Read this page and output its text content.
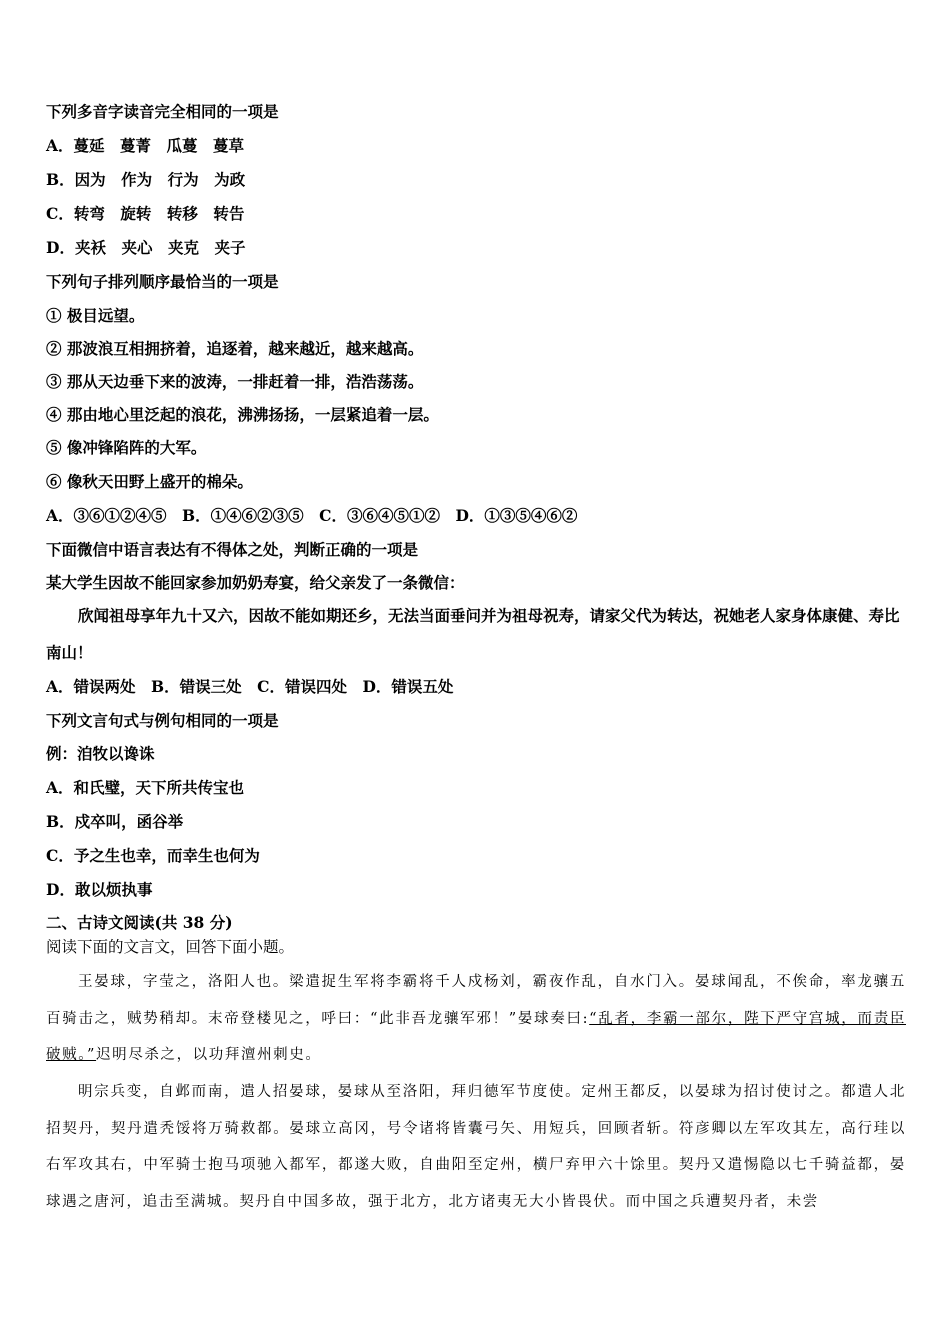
下列多音字读音完全相同的一项是
A．蔓延　蔓菁　瓜蔓　蔓草
B．因为　作为　行为　为政
C．转弯　旋转　转移　转告
D．夹袄　夹心　夹克　夹子
下列句子排列顺序最恰当的一项是
① 极目远望。
② 那波浪互相拥挤着，追逐着，越来越近，越来越高。
③ 那从天边垂下来的波涛，一排赶着一排，浩浩荡荡。
④ 那由地心里泛起的浪花，沸沸扬扬，一层紧追着一层。
⑤ 像冲锋陷阵的大军。
⑥ 像秋天田野上盛开的棉朵。
A．③⑥①②④⑤　B．①④⑥②③⑤　C．③⑥④⑤①②　D．①③⑤④⑥②
下面微信中语言表达有不得体之处，判断正确的一项是
某大学生因故不能回家参加奶奶寿宴，给父亲发了一条微信：

欣闻祖母享年九十又六，因故不能如期还乡，无法当面垂问并为祖母祝寿，请家父代为转达，祝她老人家身体康健、寿比南山！

A．错误两处　B．错误三处　C．错误四处　D．错误五处
下列文言句式与例句相同的一项是
例：洎牧以谗诛
A．和氏璧，天下所共传宝也
B．戍卒叫，函谷举
C．予之生也幸，而幸生也何为
D．敢以烦执事
二、古诗文阅读(共 38 分)
阅读下面的文言文，回答下面小题。

王晏球，字莹之，洛阳人也。梁遣捉生军将李霸将千人戍杨刘，霸夜作乱，自水门入。晏球闻乱，不俟命，率龙骧五百骑击之，贼势稍却。末帝登楼见之，呼曰：“此非吾龙骧军邪！”晏球奏曰:“乱者，李霸一部尔，陛下严守宫城，而责臣破贼。”迟明尽杀之，以功拜澶州刺史。

明宗兵变，自邺而南，遣人招晏球，晏球从至洛阳，拜归德军节度使。定州王都反，以晏球为招讨使讨之。都遣人北招契丹，契丹遣秃馁将万骑救都。晏球立高冈，号令诸将皆囊弓矢、用短兵，回顾者斩。符彦卿以左军攻其左，高行珪以右军攻其右，中军骑士抱马项驰入都军，都遂大败，自曲阳至定州，横尸弃甲六十馀里。契丹又遣惕隐以七千骑益都，晏球遇之唐河，追击至满城。契丹自中国多故，强于北方，北方诸夷无大小皆畏伏。而中国之兵遭契丹者，未尝
